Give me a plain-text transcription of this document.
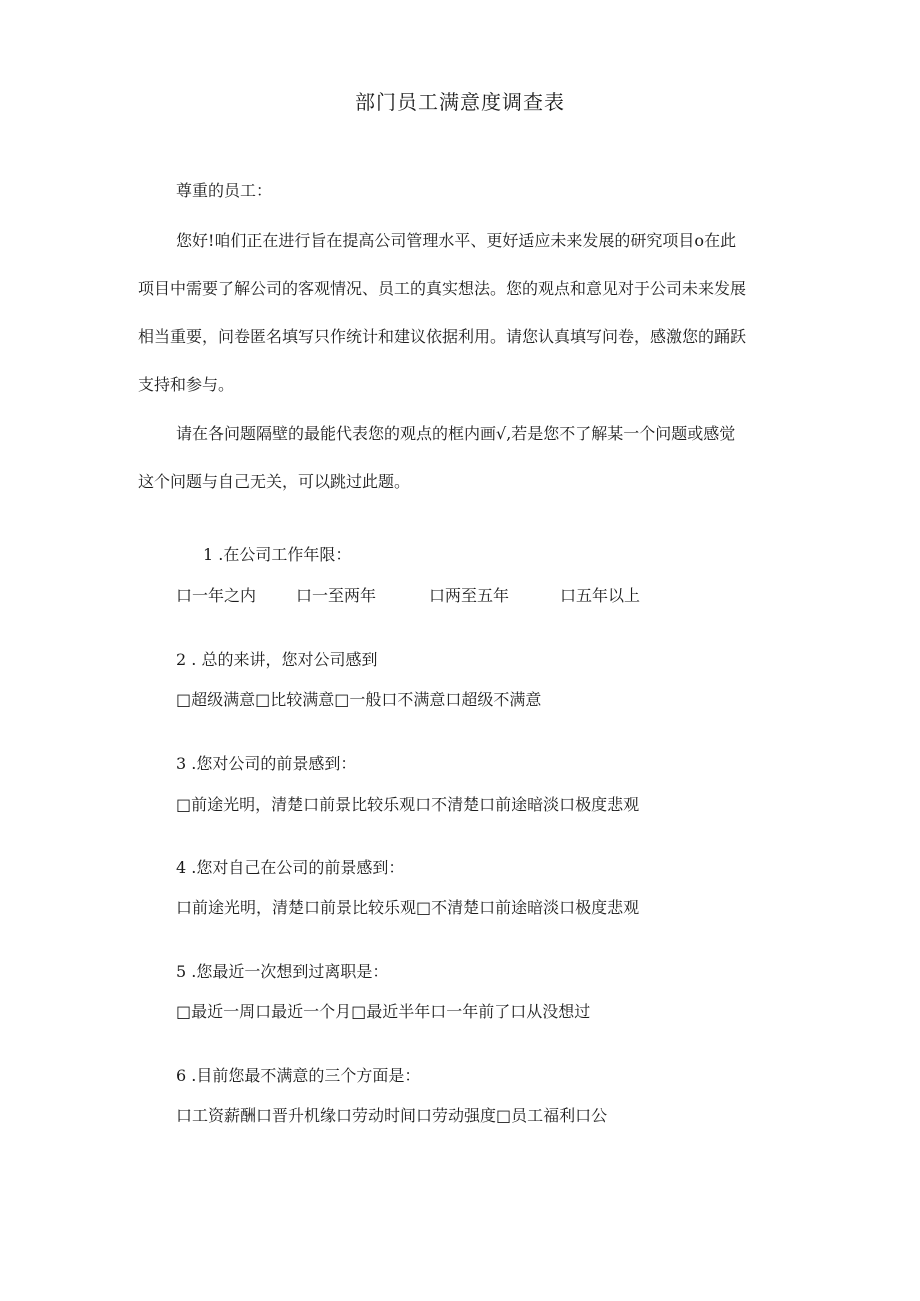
部门员工满意度调查表
尊重的员工：
您好!咱们正在进行旨在提高公司管理水平、更好适应未来发展的研究项目o在此
项目中需要了解公司的客观情况、员工的真实想法。您的观点和意见对于公司未来发展
相当重要，问卷匿名填写只作统计和建议依据利用。请您认真填写问卷，感激您的踊跃
支持和参与。
请在各问题隔壁的最能代表您的观点的框内画√,若是您不了解某一个问题或感觉
这个问题与自己无关，可以跳过此题。
1 .在公司工作年限：
口一年之内 口一至两年	口两至五年	口五年以上
2 . 总的来讲，您对公司感到
□超级满意□比较满意□一般口不满意口超级不满意
3 .您对公司的前景感到：
□前途光明，清楚口前景比较乐观口不清楚口前途暗淡口极度悲观
4 .您对自己在公司的前景感到：
口前途光明，清楚口前景比较乐观□不清楚口前途暗淡口极度悲观
5 .您最近一次想到过离职是：
□最近一周口最近一个月□最近半年口一年前了口从没想过
6 .目前您最不满意的三个方面是：
口工资薪酬口晋升机缘口劳动时间口劳动强度□员工福利口公
